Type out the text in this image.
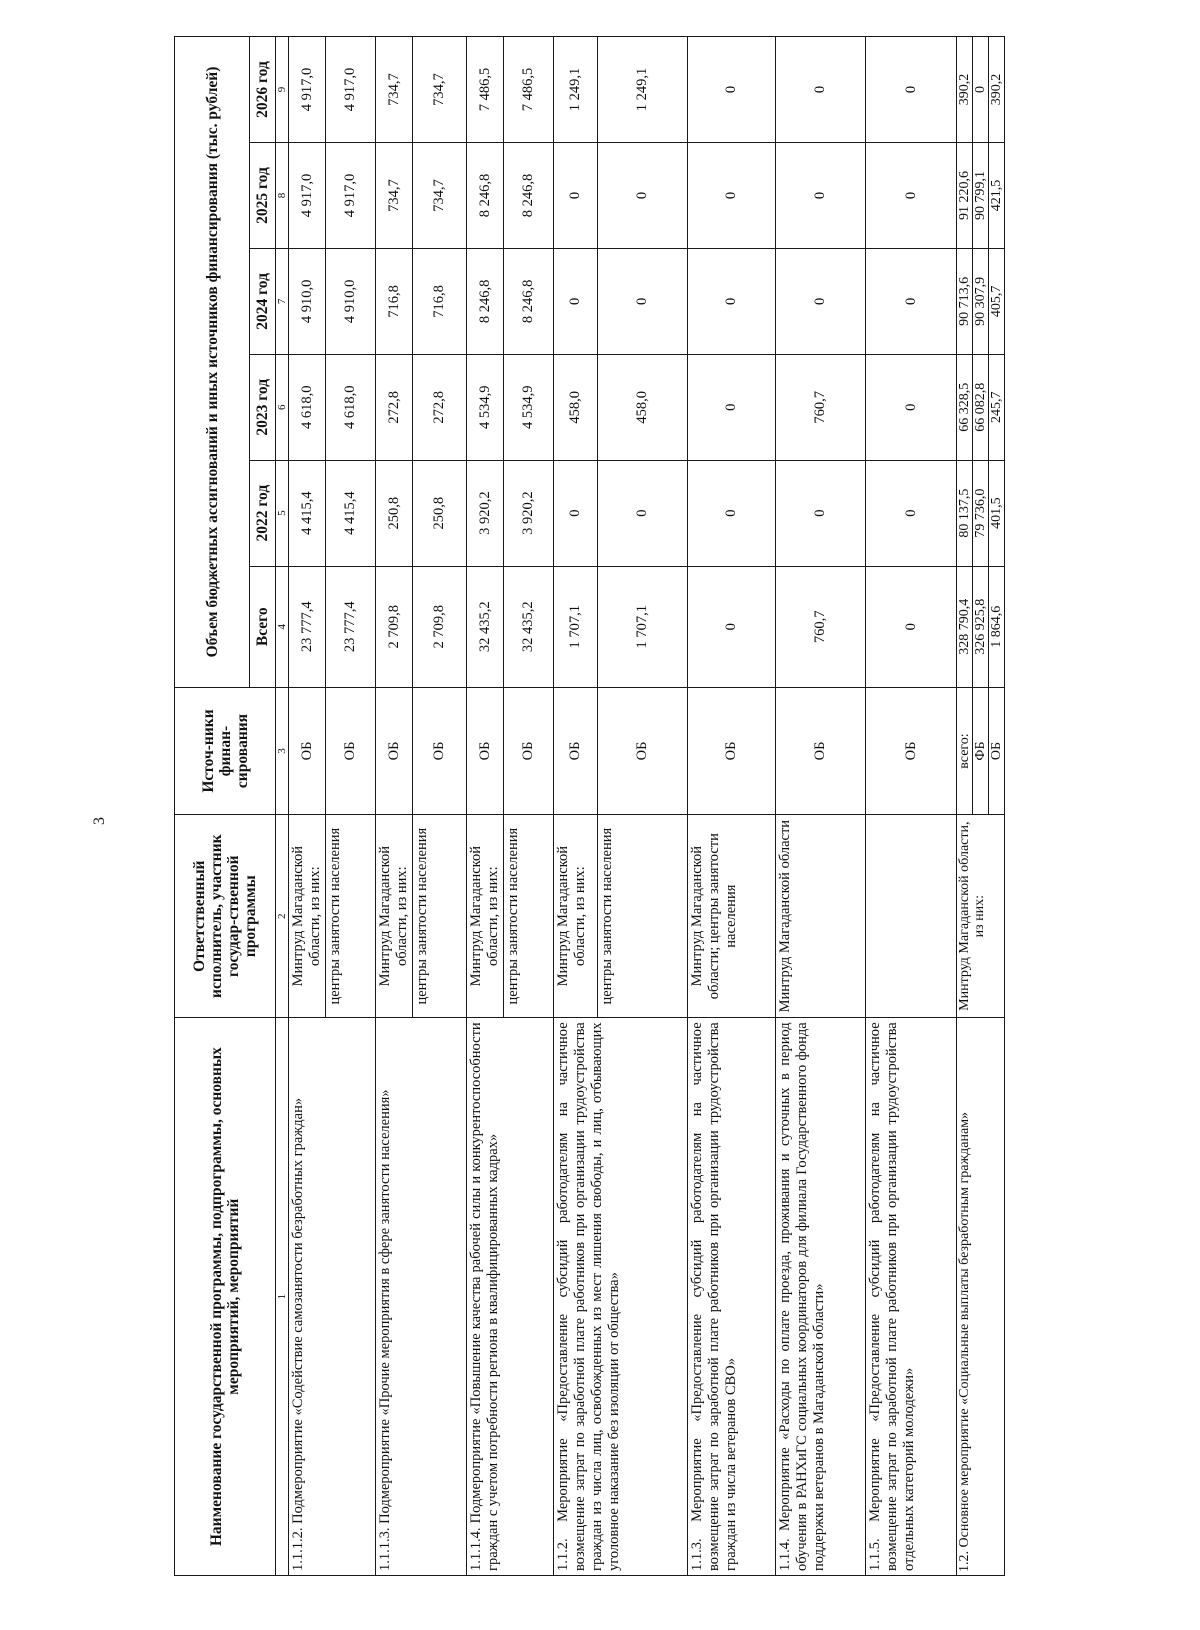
3
Наименование государственной программы, подпрограммы, основных мероприятий, мероприятий	Ответственный исполнитель, участник государ-ственной программы	Источ-ники финан-сирования	Объем бюджетных ассигнований и иных источников финансирования (тыс. рублей)					
			Всего	2022 год	2023 год	2024 год	2025 год	2026 год
1	2	3	4	5	6	7	8	9
1.1.1.2. Подмероприятие «Содействие самозанятости безработных граждан»	Минтруд Магаданской области, из них:	ОБ	23 777,4	4 415,4	4 618,0	4 910,0	4 917,0	4 917,0
	центры занятости населения	ОБ	23 777,4	4 415,4	4 618,0	4 910,0	4 917,0	4 917,0
1.1.1.3. Подмероприятие «Прочие мероприятия в сфере занятости населения»	Минтруд Магаданской области, из них:	ОБ	2 709,8	250,8	272,8	716,8	734,7	734,7
	центры занятости населения	ОБ	2 709,8	250,8	272,8	716,8	734,7	734,7
1.1.1.4. Подмероприятие «Повышение качества рабочей силы и конкурентоспособности граждан с учетом потребности региона в квалифицированных кадрах»	Минтруд Магаданской области, из них:	ОБ	32 435,2	3 920,2	4 534,9	8 246,8	8 246,8	7 486,5
	центры занятости населения	ОБ	32 435,2	3 920,2	4 534,9	8 246,8	8 246,8	7 486,5
1.1.2. Мероприятие «Предоставление субсидий работодателям на частичное возмещение затрат по заработной плате работников при организации трудоустройства граждан из числа лиц, освобожденных из мест лишения свободы, и лиц, отбывающих уголовное наказание без изоляции от общества»	Минтруд Магаданской области, из них:	ОБ	1 707,1	0	458,0	0	0	1 249,1
	центры занятости населения	ОБ	1 707,1	0	458,0	0	0	1 249,1
1.1.3. Мероприятие «Предоставление субсидий работодателям на частичное возмещение затрат по заработной плате работников при организации трудоустройства граждан из числа ветеранов СВО»	Минтруд Магаданской области; центры занятости населения	ОБ	0	0	0	0	0	0
1.1.4. Мероприятие «Расходы по оплате проезда, проживания и суточных в период обучения в РАНХиГС социальных координаторов для филиала Государственного фонда поддержки ветеранов в Магаданской области»	Минтруд Магаданской области	ОБ	760,7	0	760,7	0	0	0
1.1.5. Мероприятие «Предоставление субсидий работодателям на частичное возмещение затрат по заработной плате работников при организации трудоустройства отдельных категорий молодежи»		ОБ	0	0	0	0	0	0
1.2. Основное мероприятие «Социальные выплаты безработным гражданам»	Минтруд Магаданской области, из них:	всего:	328 790,4	80 137,5	66 328,5	90 713,6	91 220,6	390,2
		ФБ	326 925,8	79 736,0	66 082,8	90 307,9	90 799,1	0
		ОБ	1 864,6	401,5	245,7	405,7	421,5	390,2
